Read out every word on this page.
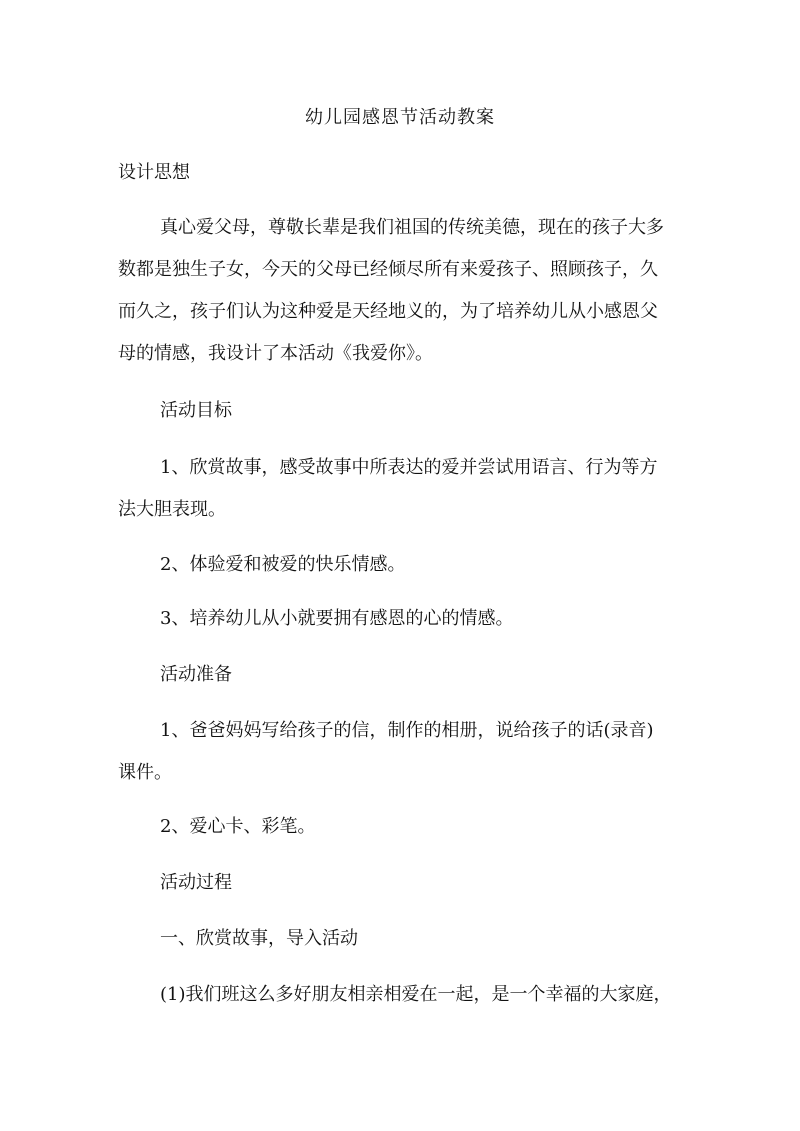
幼儿园感恩节活动教案
设计思想
真心爱父母，尊敬长辈是我们祖国的传统美德，现在的孩子大多
数都是独生子女，今天的父母已经倾尽所有来爱孩子、照顾孩子，久
而久之，孩子们认为这种爱是天经地义的，为了培养幼儿从小感恩父
母的情感，我设计了本活动《我爱你》。
活动目标
1、欣赏故事，感受故事中所表达的爱并尝试用语言、行为等方
法大胆表现。
2、体验爱和被爱的快乐情感。
3、培养幼儿从小就要拥有感恩的心的情感。
活动准备
1、爸爸妈妈写给孩子的信，制作的相册，说给孩子的话(录音)
课件。
2、爱心卡、彩笔。
活动过程
一、欣赏故事，导入活动
(1)我们班这么多好朋友相亲相爱在一起，是一个幸福的大家庭，
